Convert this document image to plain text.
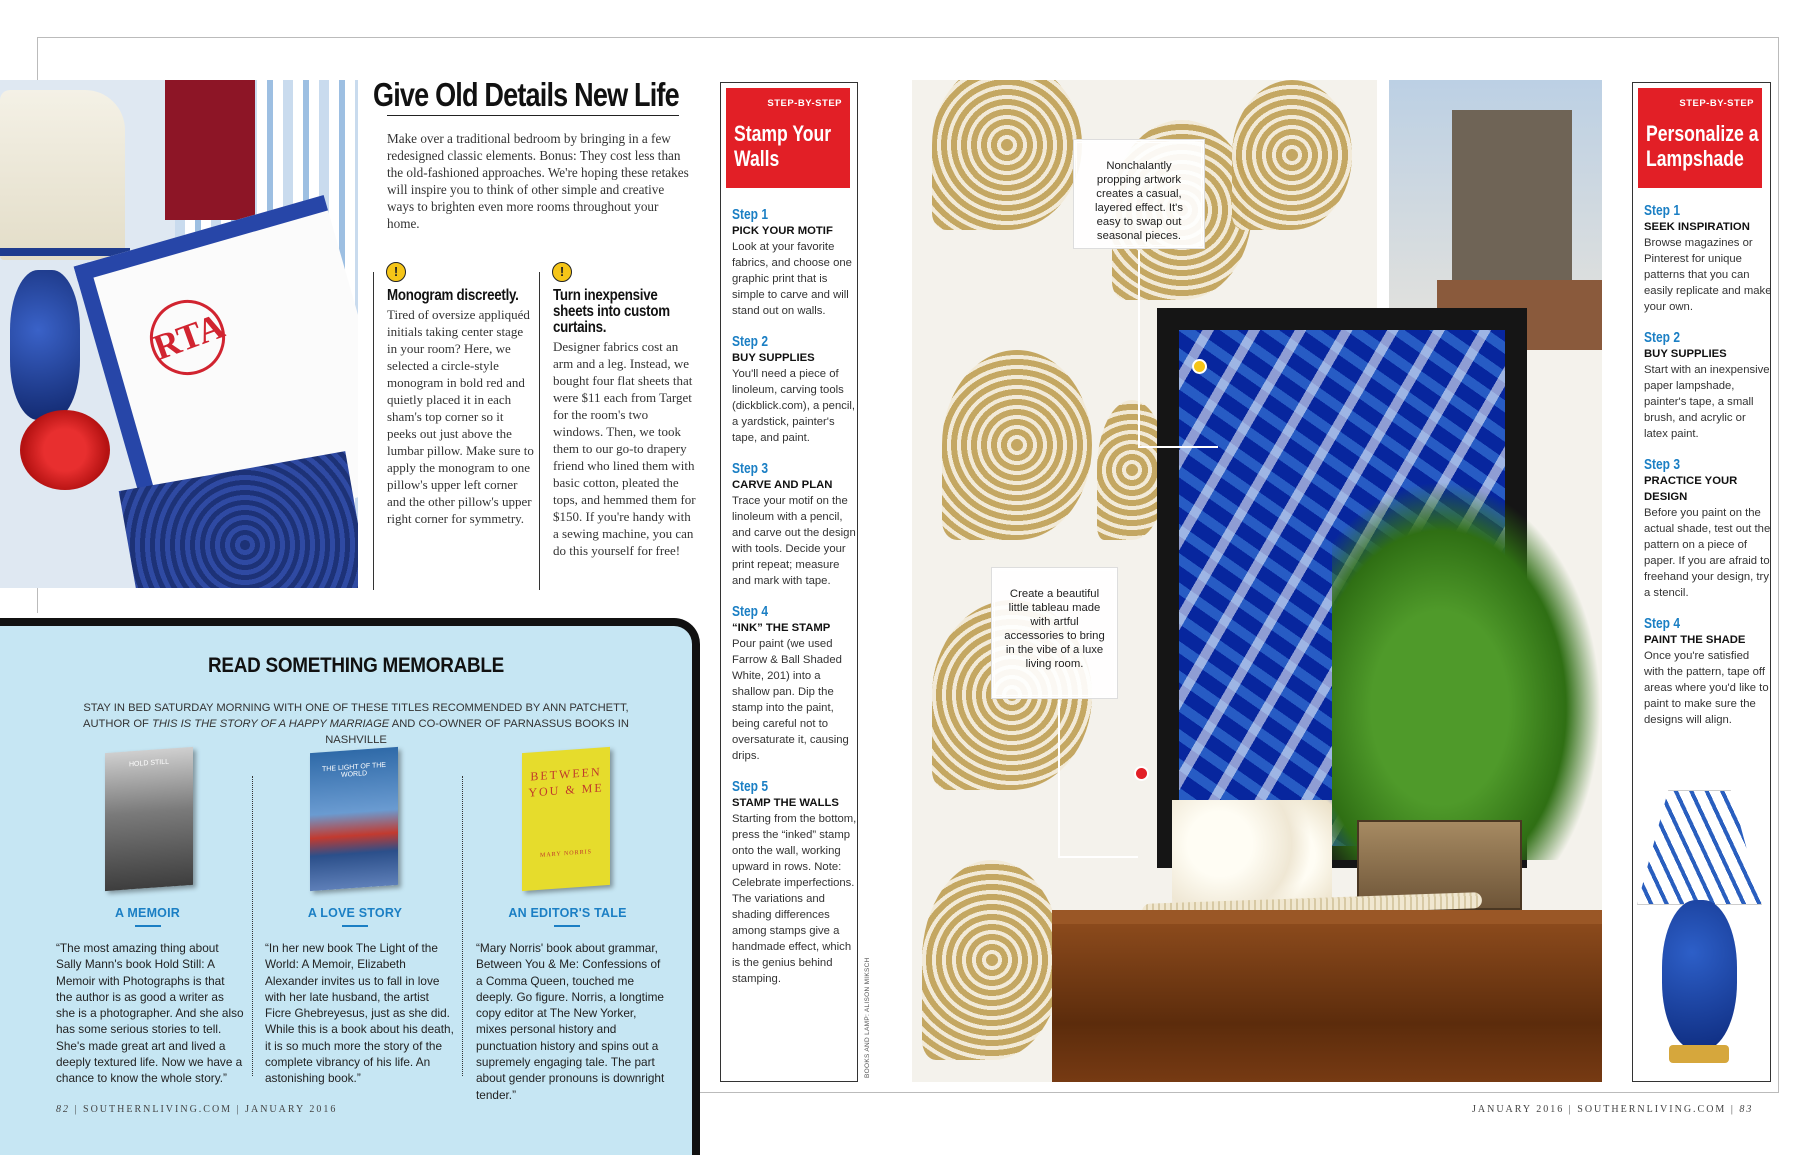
RTA
Give Old Details New Life
Make over a traditional bedroom by bringing in a few redesigned classic elements. Bonus: They cost less than the old-fashioned approaches. We're hoping these retakes will inspire you to think of other simple and creative ways to brighten even more rooms throughout your home.
!
Monogram discreetly.
Tired of oversize appliquéd initials taking center stage in your room? Here, we selected a circle-style monogram in bold red and quietly placed it in each sham's top corner so it peeks out just above the lumbar pillow. Make sure to apply the monogram to one pillow's upper left corner and the other pillow's upper right corner for symmetry.
!
Turn inexpensive sheets into custom curtains.
Designer fabrics cost an arm and a leg. Instead, we bought four flat sheets that were $11 each from Target for the room's two windows. Then, we took them to our go-to drapery friend who lined them with basic cotton, pleated the tops, and hemmed them for $150. If you're handy with a sewing machine, you can do this yourself for free!
READ SOMETHING MEMORABLE
STAY IN BED SATURDAY MORNING WITH ONE OF THESE TITLES RECOMMENDED BY ANN PATCHETT, AUTHOR OF THIS IS THE STORY OF A HAPPY MARRIAGE AND CO-OWNER OF PARNASSUS BOOKS IN NASHVILLE
HOLD STILL
A MEMOIR
“The most amazing thing about Sally Mann's book Hold Still: A Memoir with Photographs is that the author is as good a writer as she is a photographer. And she also has some serious stories to tell. She's made great art and lived a deeply textured life. Now we have a chance to know the whole story.”
THE LIGHT OF THE WORLD
A LOVE STORY
“In her new book The Light of the World: A Memoir, Elizabeth Alexander invites us to fall in love with her late husband, the artist Ficre Ghebreyesus, just as she did. While this is a book about his death, it is so much more the story of the complete vibrancy of his life. An astonishing book.”
BETWEEN YOU & ME
MARY NORRIS
AN EDITOR'S TALE
“Mary Norris' book about grammar, Between You & Me: Confessions of a Comma Queen, touched me deeply. Go figure. Norris, a longtime copy editor at The New Yorker, mixes personal history and punctuation history and spins out a supremely engaging tale. The part about gender pronouns is downright tender.”
82 | SOUTHERNLIVING.COM | JANUARY 2016
STEP-BY-STEP
Stamp Your
Walls
Step 1
PICK YOUR MOTIF
Look at your favorite fabrics, and choose one graphic print that is simple to carve and will stand out on walls.
Step 2
BUY SUPPLIES
You'll need a piece of linoleum, carving tools (dickblick.com), a pencil, a yardstick, painter's tape, and paint.
Step 3
CARVE AND PLAN
Trace your motif on the linoleum with a pencil, and carve out the design with tools. Decide your print repeat; measure and mark with tape.
Step 4
“INK” THE STAMP
Pour paint (we used Farrow & Ball Shaded White, 201) into a shallow pan. Dip the stamp into the paint, being careful not to oversaturate it, causing drips.
Step 5
STAMP THE WALLS
Starting from the bottom, press the “inked” stamp onto the wall, working upward in rows. Note: Celebrate imperfections. The variations and shading differences among stamps give a handmade effect, which is the genius behind stamping.	BOOKS AND LAMP: ALISON MIKSCH
Nonchalantly propping artwork creates a casual, layered effect. It's easy to swap out seasonal pieces.
Create a beautiful little tableau made with artful accessories to bring in the vibe of a luxe living room.
STEP-BY-STEP
Personalize a
Lampshade
Step 1
SEEK INSPIRATION
Browse magazines or Pinterest for unique patterns that you can easily replicate and make your own.
Step 2
BUY SUPPLIES
Start with an inexpensive paper lampshade, painter's tape, a small brush, and acrylic or latex paint.
Step 3
PRACTICE YOUR DESIGN
Before you paint on the actual shade, test out the pattern on a piece of paper. If you are afraid to freehand your design, try a stencil.
Step 4
PAINT THE SHADE
Once you're satisfied with the pattern, tape off areas where you'd like to paint to make sure the designs will align.
JANUARY 2016 | SOUTHERNLIVING.COM | 83
